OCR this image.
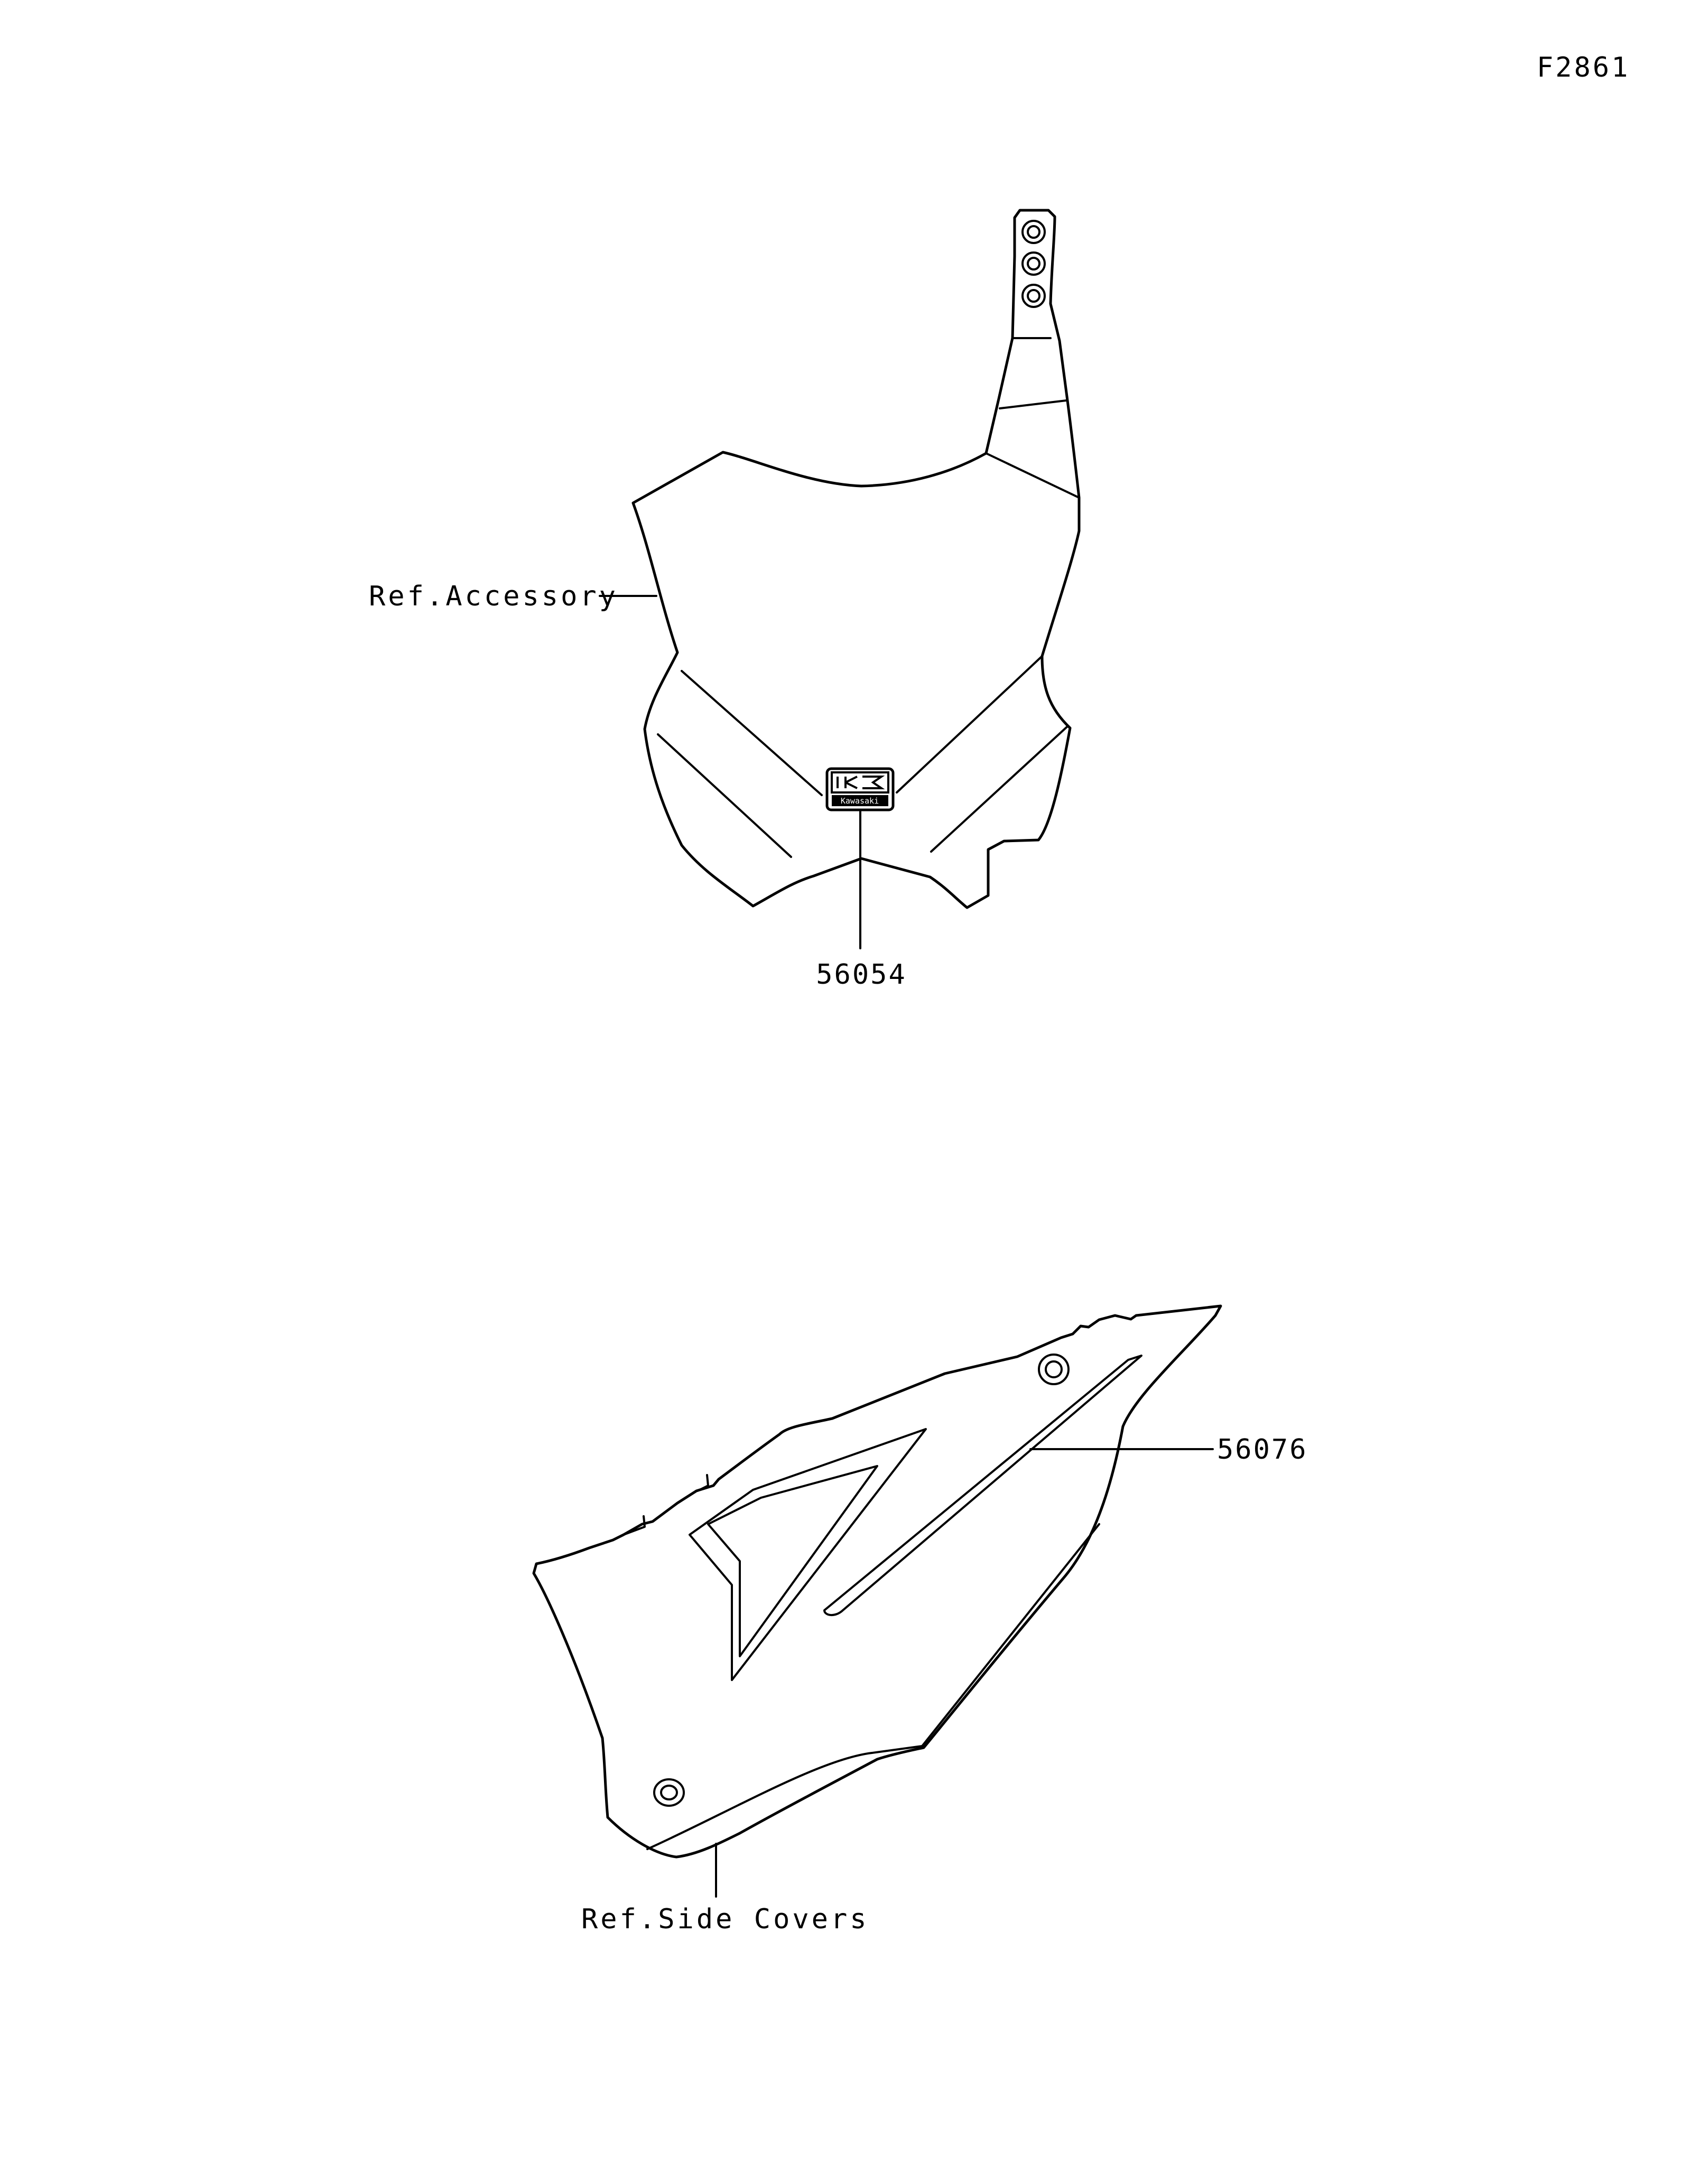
F2861
Kawasaki
Ref.Accessory
56054
56076
Ref.Side Covers
